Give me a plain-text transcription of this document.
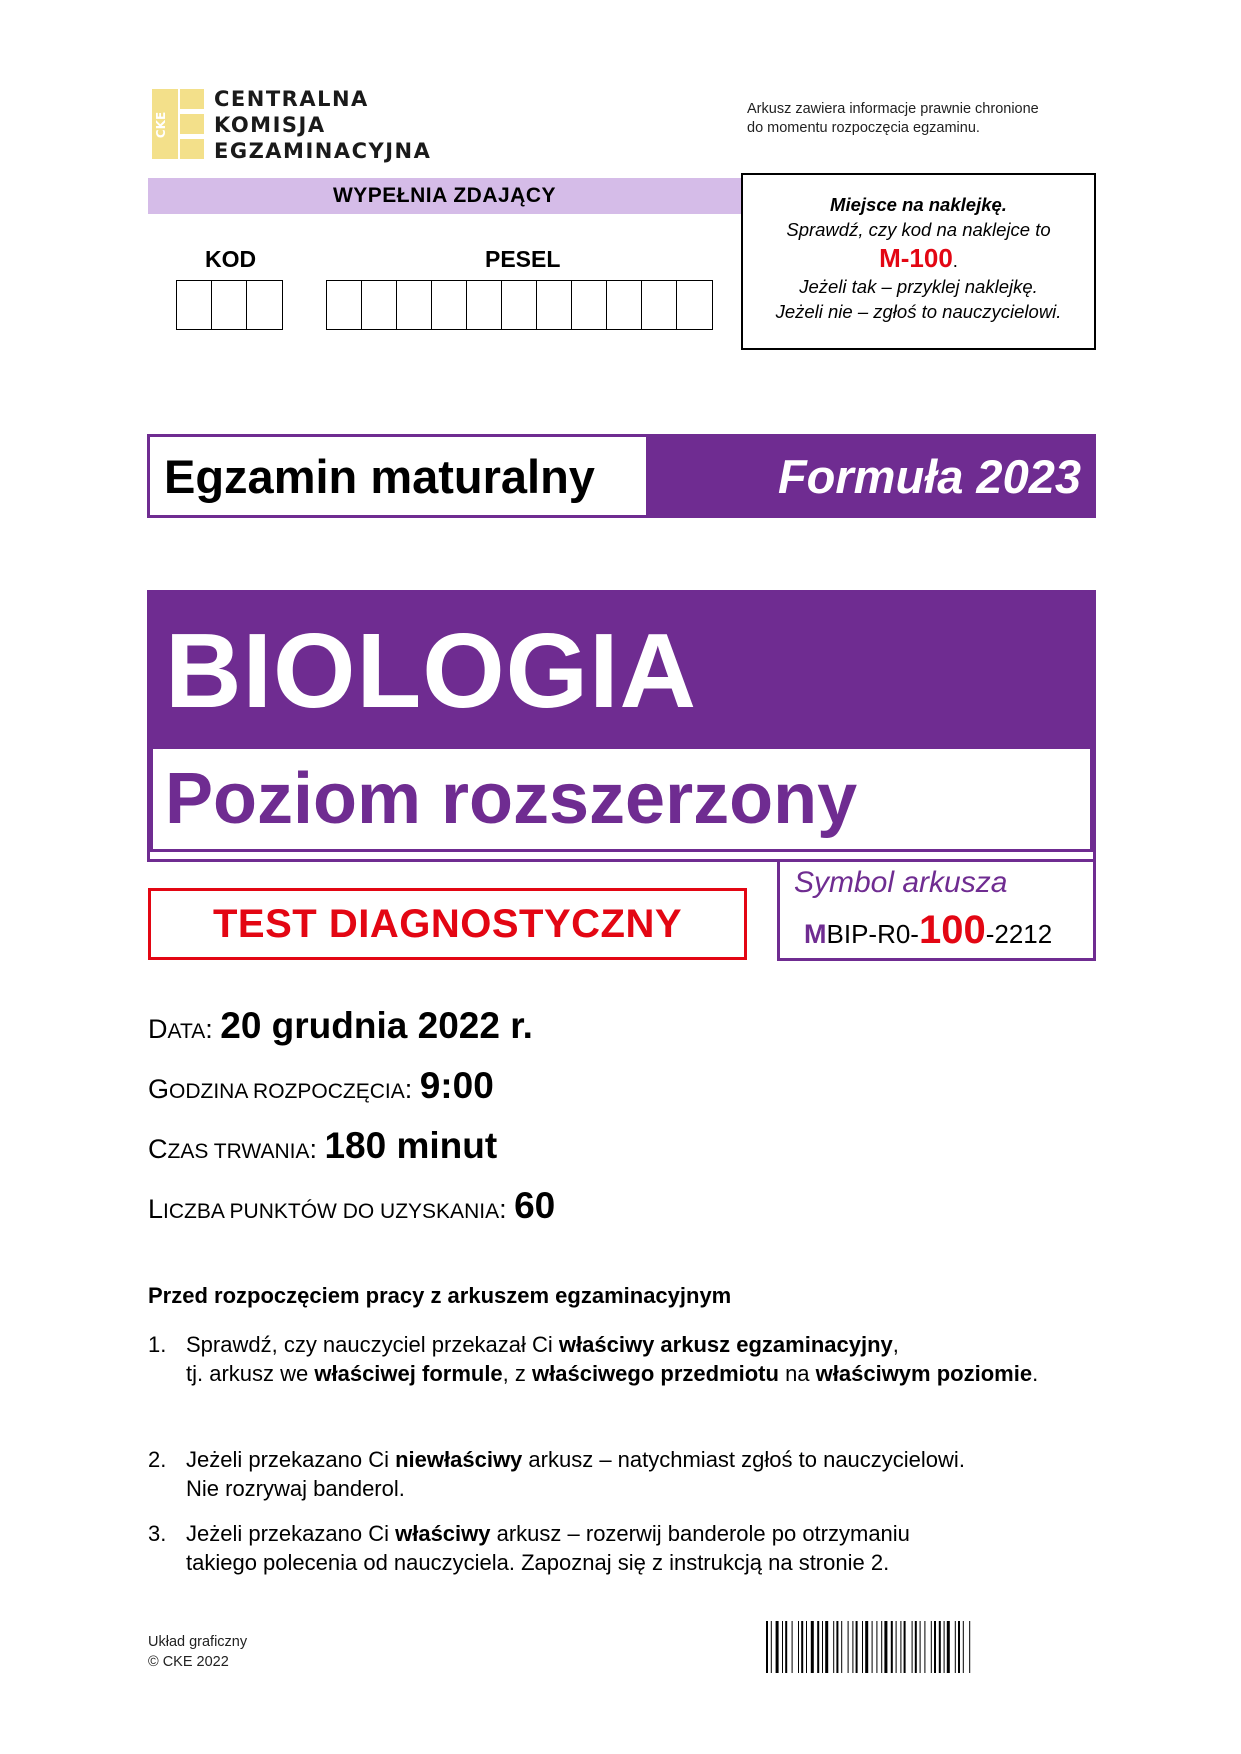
CKE
CENTRALNA
KOMISJA
EGZAMINACYJNA
Arkusz zawiera informacje prawnie chronione
do momentu rozpoczęcia egzaminu.
WYPEŁNIA ZDAJĄCY
KOD	PESEL
Miejsce na naklejkę.
Sprawdź, czy kod na naklejce to
M-100.
Jeżeli tak – przyklej naklejkę.
Jeżeli nie – zgłoś to nauczycielowi.
Egzamin maturalny	Formuła 2023
BIOLOGIA
Poziom rozszerzony
TEST DIAGNOSTYCZNY
Symbol arkusza
MBIP-R0-100-2212
DATA: 20 grudnia 2022 r.
GODZINA ROZPOCZĘCIA: 9:00
CZAS TRWANIA: 180 minut
LICZBA PUNKTÓW DO UZYSKANIA: 60
Przed rozpoczęciem pracy z arkuszem egzaminacyjnym
1. Sprawdź, czy nauczyciel przekazał Ci właściwy arkusz egzaminacyjny,
tj. arkusz we właściwej formule, z właściwego przedmiotu na właściwym poziomie.
2. Jeżeli przekazano Ci niewłaściwy arkusz – natychmiast zgłoś to nauczycielowi.
Nie rozrywaj banderol.
3. Jeżeli przekazano Ci właściwy arkusz – rozerwij banderole po otrzymaniu
takiego polecenia od nauczyciela. Zapoznaj się z instrukcją na stronie 2.
Układ graficzny
© CKE 2022
